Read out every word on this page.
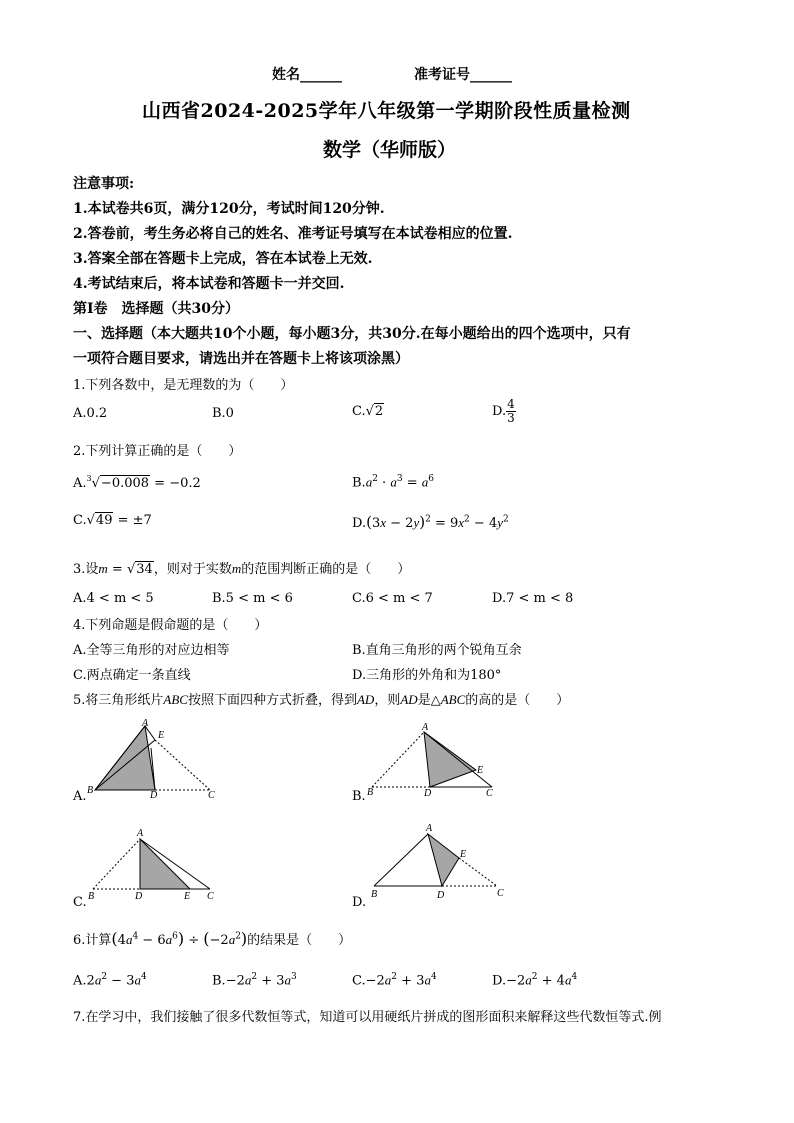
姓名______	准考证号______
山西省2024-2025学年八年级第一学期阶段性质量检测
数学（华师版）
注意事项:
1.本试卷共6页，满分120分，考试时间120分钟.
2.答卷前，考生务必将自己的姓名、准考证号填写在本试卷相应的位置.
3.答案全部在答题卡上完成，答在本试卷上无效.
4.考试结束后，将本试卷和答题卡一并交回.
第Ⅰ卷　选择题（共30分）
一、选择题（本大题共10个小题，每小题3分，共30分.在每小题给出的四个选项中，只有
一项符合题目要求，请选出并在答题卡上将该项涂黑）
1.下列各数中，是无理数的为（　　）
A.0.2	B.0	C.√2	D. $\frac{4}{3}$
2.下列计算正确的是（　　）
A.$^3$√−0.008 = −0.2	$B.a^2 \cdot a^3 = a^6$
C.√49 = ±7	$D.(3x - 2y)^2 = 9x^2 - 4y^2$
3.设m = √34，则对于实数m的范围判断正确的是（　　）
A.4 < m < 5	B.5 < m < 6	C.6 < m < 7	D.7 < m < 8
4.下列命题是假命题的是（　　）
A.全等三角形的对应边相等	B.直角三角形的两个锐角互余
C.两点确定一条直线	D.三角形的外角和为180°
5.将三角形纸片ABC按照下面四种方式折叠，得到AD，则AD是△ABC的高的是（　　）
A
E
B	D	C
A.
A
E
B	D	C
B.
A
B	D	E C
C.
A
E
B	D	C
D.
6.计算$(4a^4 - 6a^6) \div (-2a^2)$的结果是（　　）
$A.2a^2 - 3a^4$	$B.-2a^2 + 3a^3$	$C.-2a^2 + 3a^4$	$D.-2a^2 + 4a^4$
7.在学习中，我们接触了很多代数恒等式，知道可以用硬纸片拼成的图形面积来解释这些代数恒等式.例
